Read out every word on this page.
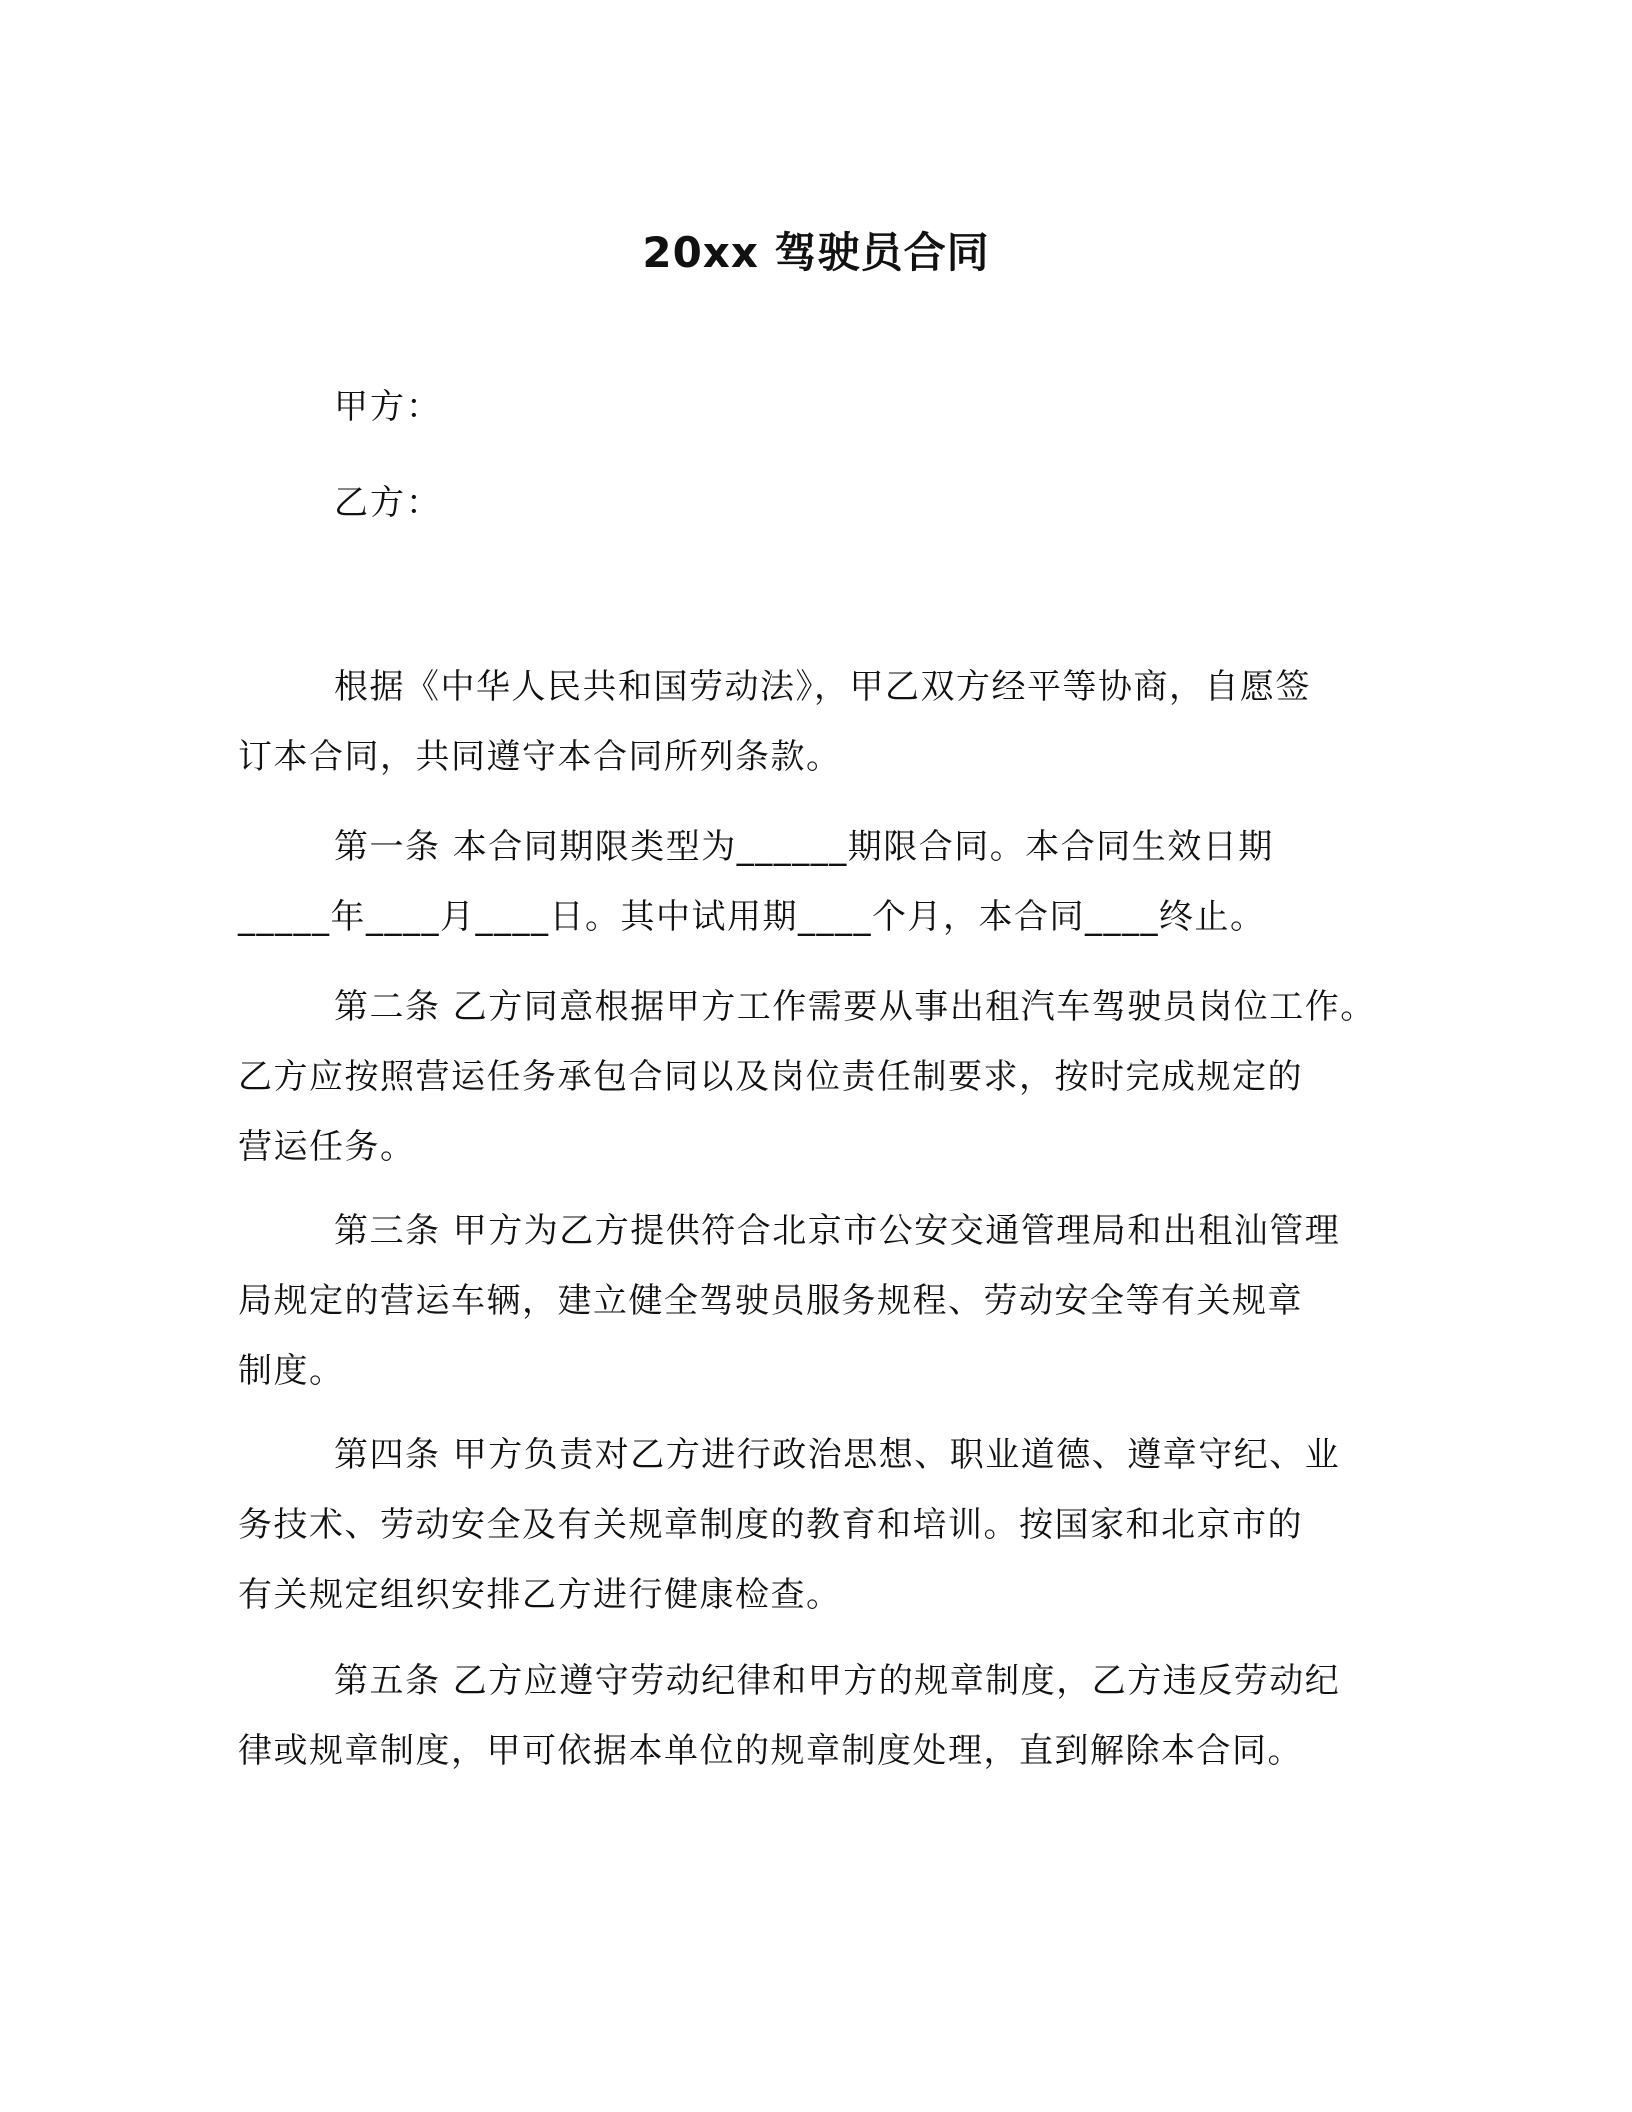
20xx 驾驶员合同
甲方：
乙方：
根据《中华人民共和国劳动法》，甲乙双方经平等协商，自愿签
订本合同，共同遵守本合同所列条款。
第一条 本合同期限类型为______期限合同。本合同生效日期
_____年____月____日。其中试用期____个月，本合同____终止。
第二条 乙方同意根据甲方工作需要从事出租汽车驾驶员岗位工作。
乙方应按照营运任务承包合同以及岗位责任制要求，按时完成规定的
营运任务。
第三条 甲方为乙方提供符合北京市公安交通管理局和出租汕管理
局规定的营运车辆，建立健全驾驶员服务规程、劳动安全等有关规章
制度。
第四条 甲方负责对乙方进行政治思想、职业道德、遵章守纪、业
务技术、劳动安全及有关规章制度的教育和培训。按国家和北京市的
有关规定组织安排乙方进行健康检查。
第五条 乙方应遵守劳动纪律和甲方的规章制度，乙方违反劳动纪
律或规章制度，甲可依据本单位的规章制度处理，直到解除本合同。
